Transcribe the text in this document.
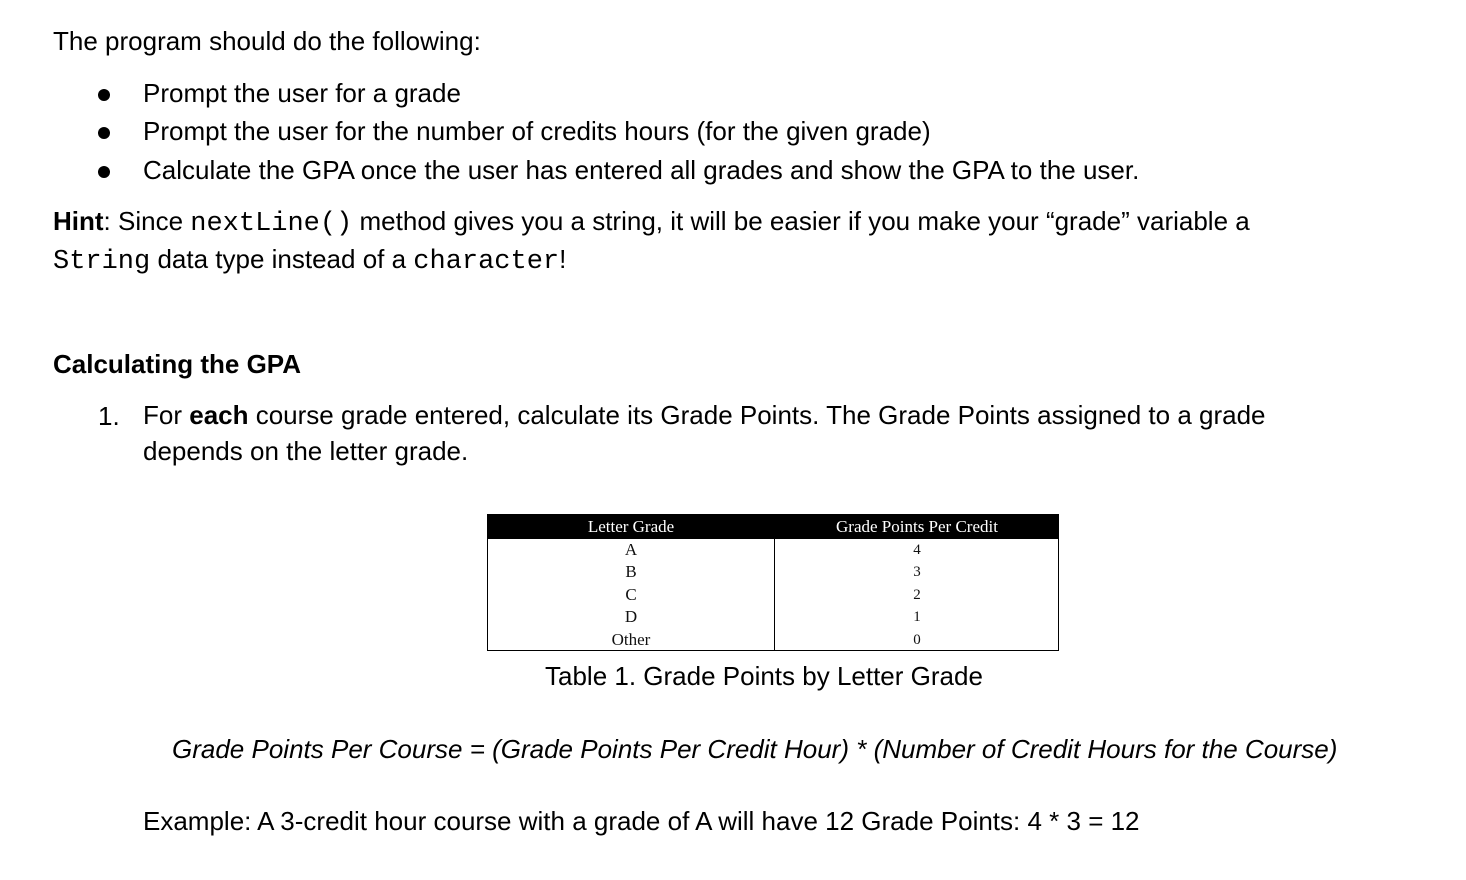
The program should do the following:
Prompt the user for a grade
Prompt the user for the number of credits hours (for the given grade)
Calculate the GPA once the user has entered all grades and show the GPA to the user.
Hint: Since nextLine() method gives you a string, it will be easier if you make your “grade” variable a
String data type instead of a character!
Calculating the GPA
1. For each course grade entered, calculate its Grade Points. The Grade Points assigned to a grade
depends on the letter grade.
Letter Grade	Grade Points Per Credit
A	4
B	3
C	2
D	1
Other	0
Table 1. Grade Points by Letter Grade
Grade Points Per Course = (Grade Points Per Credit Hour) * (Number of Credit Hours for the Course)
Example: A 3-credit hour course with a grade of A will have 12 Grade Points: 4 * 3 = 12
